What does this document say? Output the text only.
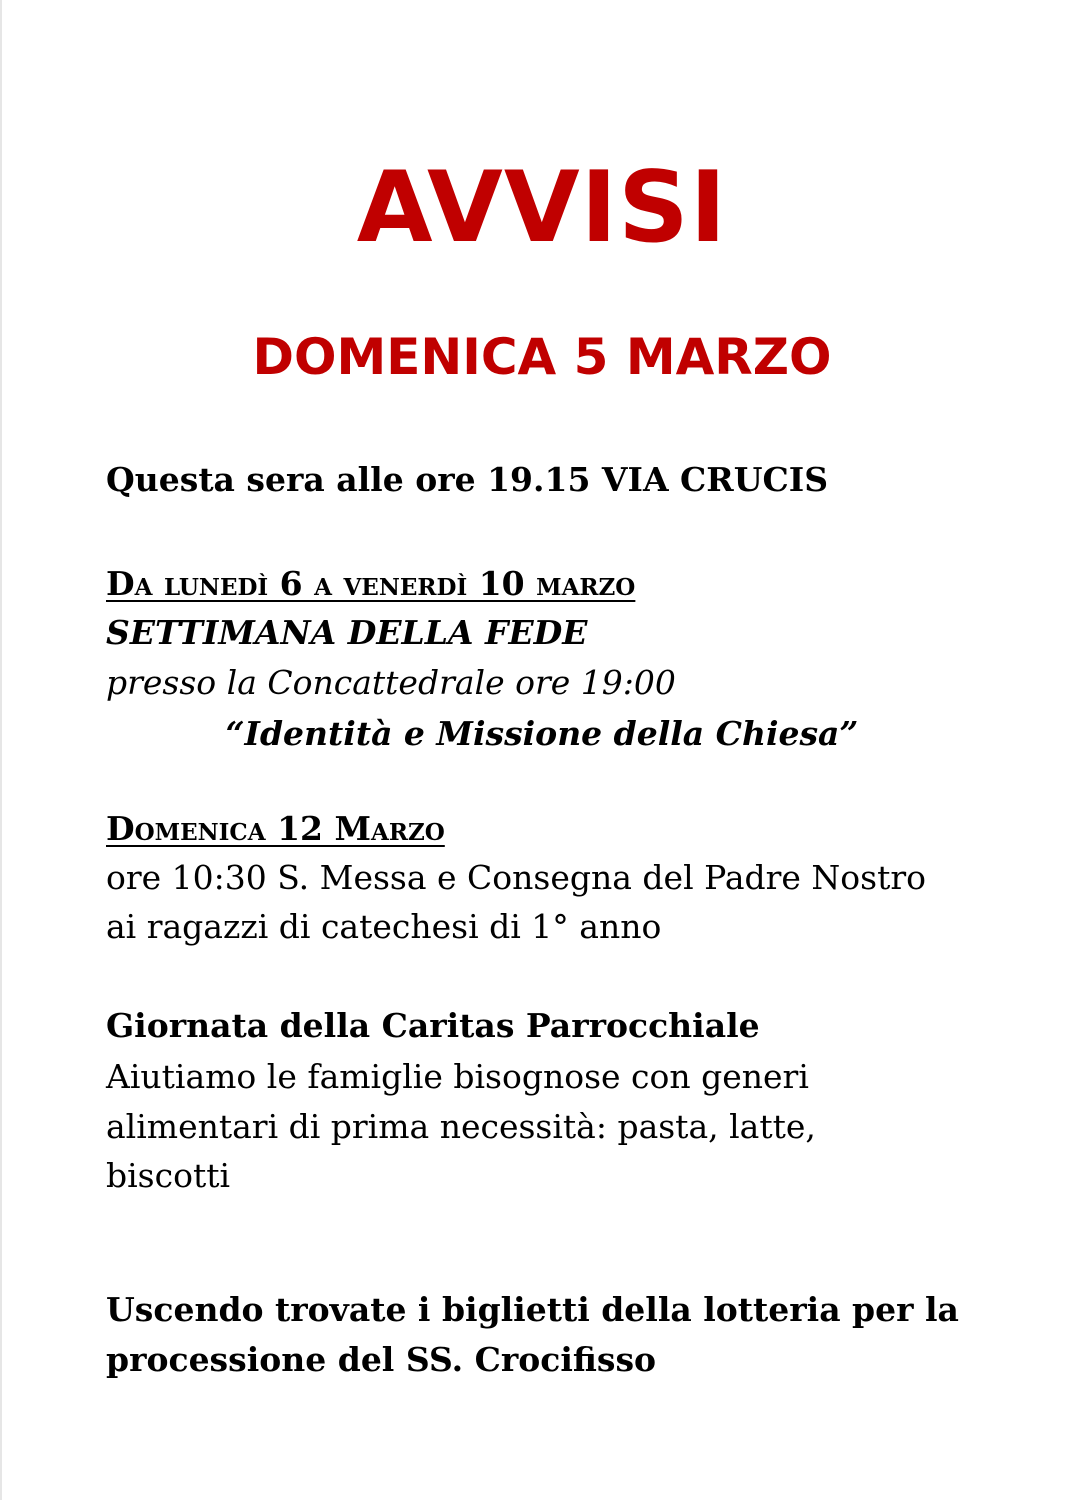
AVVISI
DOMENICA 5 MARZO
Questa sera alle ore 19.15 VIA CRUCIS
Da lunedì 6 a venerdì 10 marzo
SETTIMANA DELLA FEDE
presso la Concattedrale ore 19:00
“Identità e Missione della Chiesa”
Domenica 12 Marzo
ore 10:30 S. Messa e Consegna del Padre Nostro
ai ragazzi di catechesi di 1° anno
Giornata della Caritas Parrocchiale
Aiutiamo le famiglie bisognose con generi
alimentari di prima necessità: pasta, latte,
biscotti
Uscendo trovate i biglietti della lotteria per la
processione del SS. Crocifisso
